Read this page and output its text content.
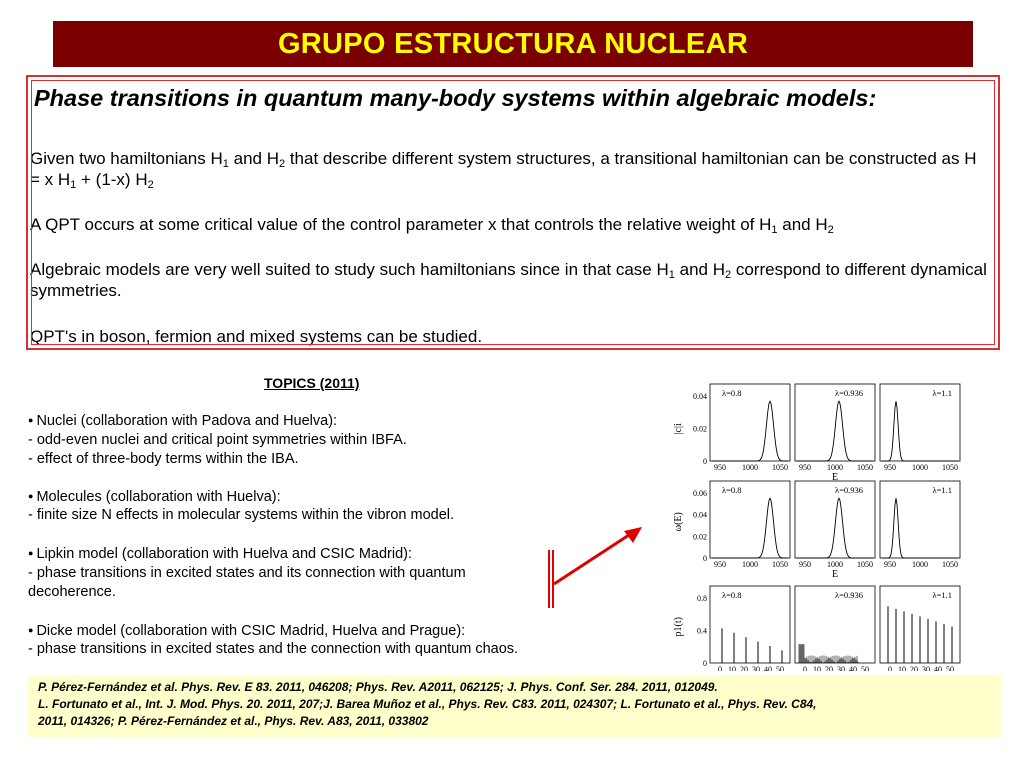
GRUPO ESTRUCTURA NUCLEAR
Phase transitions in quantum many-body systems within algebraic models:
Given two hamiltonians $H_1$ and $H_2$ that describe different system structures, a transitional hamiltonian can be constructed as H = x $H_1 + (1-x)$ $H_2$
A QPT occurs at some critical value of the control parameter x that controls the relative weight of $H_1$ and $H_2$
Algebraic models are very well suited to study such hamiltonians since in that case $H_1$ and $H_2$ correspond to different dynamical symmetries.
QPT's in boson, fermion and mixed systems can be studied.
TOPICS (2011)
● Nuclei (collaboration with Padova and Huelva):
- odd-even nuclei and critical point symmetries within IBFA.
- effect of three-body terms within the IBA.
● Molecules (collaboration with Huelva):
- finite size N effects in molecular systems within the vibron model.
● Lipkin model (collaboration with Huelva and CSIC Madrid):
- phase transitions in excited states and its connection with quantum
decoherence.
● Dicke model (collaboration with CSIC Madrid, Huelva and Prague):
- phase transitions in excited states and the connection with quantum chaos.
|c|i
0.04
0.02
0
λ=0.8
950 1000 1050
λ=0.936
950 1000 1050
λ=1.1
950 1000 1050
E
ω(E)
0.06
0.04
0.02
0
λ=0.8
950 1000 1050
λ=0.936
950 1000 1050
λ=1.1
950 1000 1050
E
p1(t)
0.8
0.4
0
λ=0.8
0 10 20 30 40 50
λ=0.936
0 10 20 30 40 50
λ=1.1
0 10 20 30 40 50
P. Pérez-Fernández et al. Phys. Rev. E 83. 2011, 046208; Phys. Rev. A2011, 062125; J. Phys. Conf. Ser. 284. 2011, 012049.
L. Fortunato et al., Int. J. Mod. Phys. 20. 2011, 207;J. Barea Muñoz et al., Phys. Rev. C83. 2011, 024307; L. Fortunato et al., Phys. Rev. C84,
2011, 014326; P. Pérez-Fernández et al., Phys. Rev. A83, 2011, 033802
